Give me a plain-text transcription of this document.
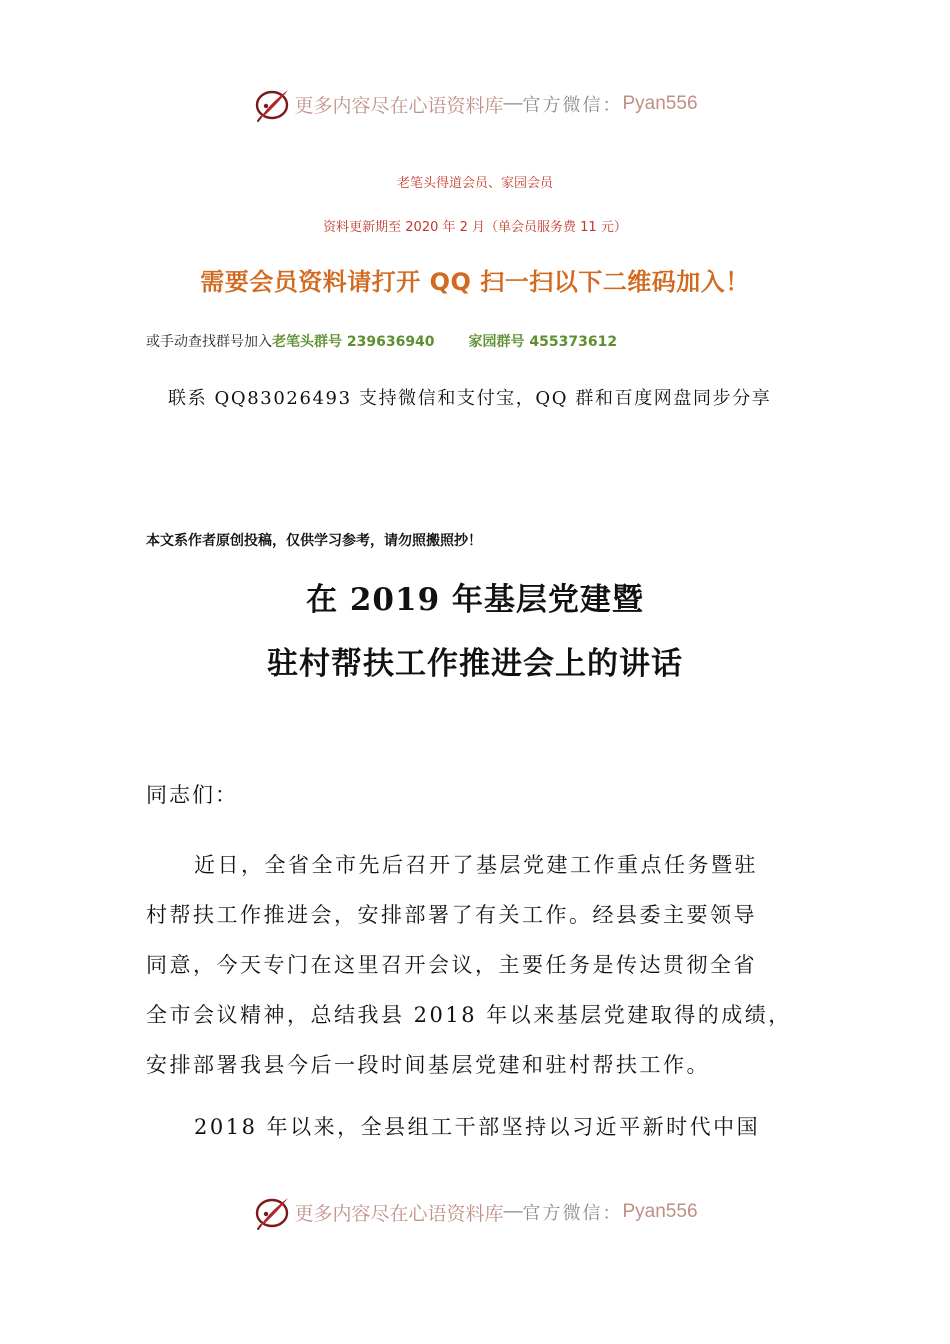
更多内容尽在心语资料库 — 官方微信： Pyan556
老笔头得道会员、家园会员
资料更新期至 2020 年 2 月（单会员服务费 11 元）
需要会员资料请打开 QQ 扫一扫以下二维码加入！
或手动查找群号加入老笔头群号 239636940 家园群号 455373612
联系 QQ83026493 支持微信和支付宝，QQ 群和百度网盘同步分享
本文系作者原创投稿，仅供学习参考，请勿照搬照抄！
在 2019 年基层党建暨
驻村帮扶工作推进会上的讲话

同志们：

近日，全省全市先后召开了基层党建工作重点任务暨驻
村帮扶工作推进会，安排部署了有关工作。经县委主要领导
同意，今天专门在这里召开会议，主要任务是传达贯彻全省
全市会议精神，总结我县 2018 年以来基层党建取得的成绩，
安排部署我县今后一段时间基层党建和驻村帮扶工作。

2018 年以来，全县组工干部坚持以习近平新时代中国

更多内容尽在心语资料库 — 官方微信： Pyan556
